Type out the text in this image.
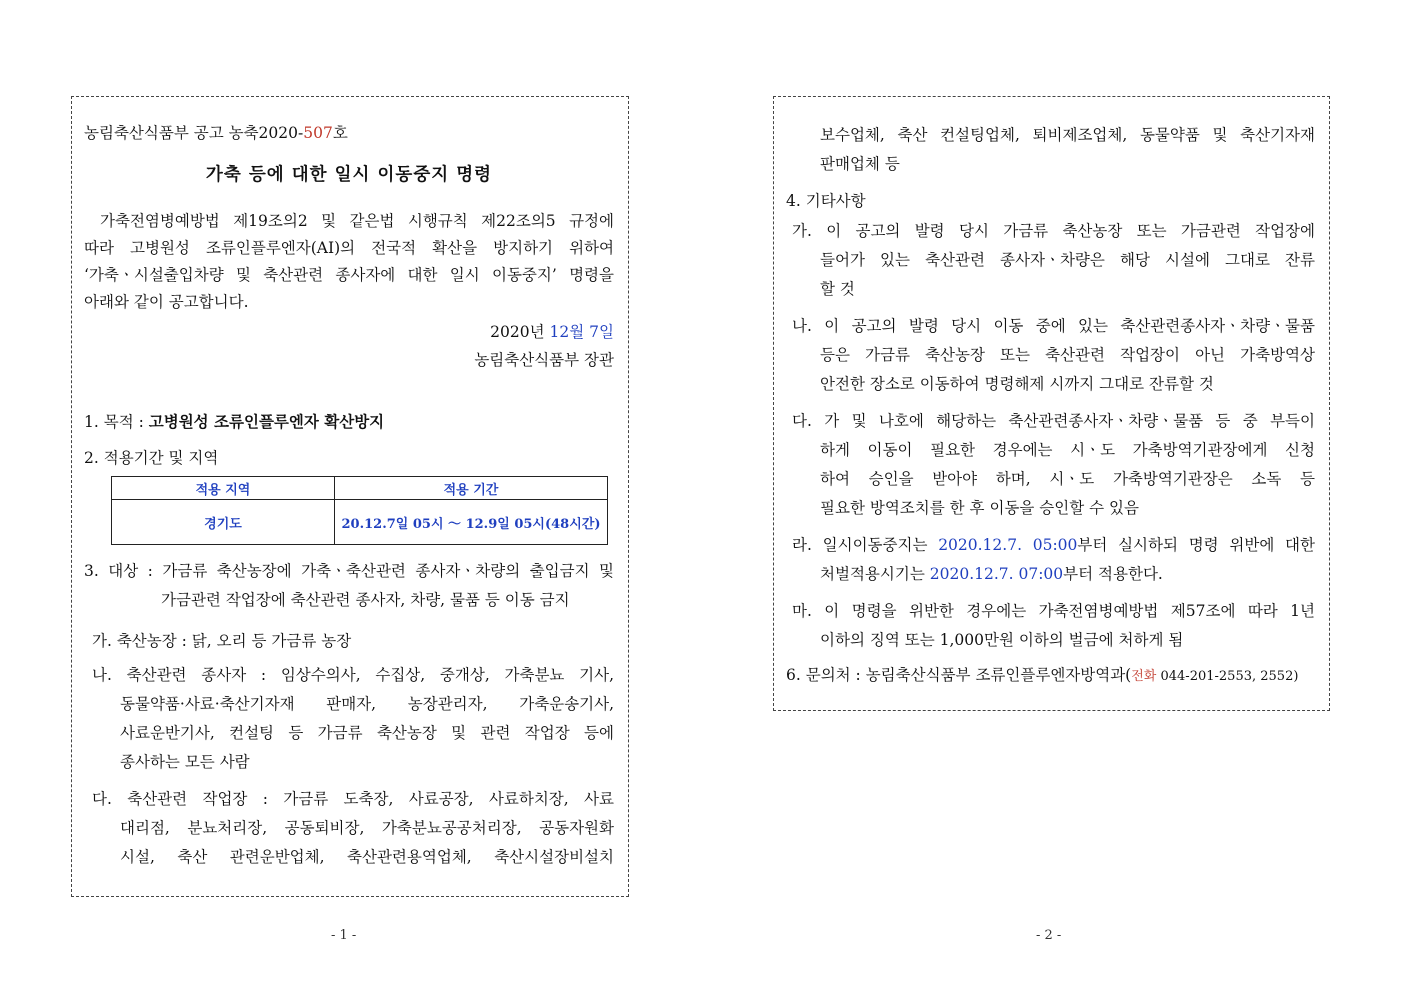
농림축산식품부 공고 농축2020-507호
가축 등에 대한 일시 이동중지 명령
가축전염병예방법 제19조의2 및 같은법 시행규칙 제22조의5 규정에
따라 고병원성 조류인플루엔자(AI)의 전국적 확산을 방지하기 위하여
‘가축ㆍ시설출입차량 및 축산관련 종사자에 대한 일시 이동중지’ 명령을
아래와 같이 공고합니다.
2020년 12월 7일
농림축산식품부 장관
1. 목적 : 고병원성 조류인플루엔자 확산방지
2. 적용기간 및 지역
적용 지역	적용 기간
경기도	20.12.7일 05시 ～ 12.9일 05시(48시간)
3. 대상 : 가금류 축산농장에 가축ㆍ축산관련 종사자ㆍ차량의 출입금지 및
가금관련 작업장에 축산관련 종사자, 차량, 물품 등 이동 금지
가. 축산농장 : 닭, 오리 등 가금류 농장
나. 축산관련 종사자 : 임상수의사, 수집상, 중개상, 가축분뇨 기사,
동물약품·사료·축산기자재 판매자, 농장관리자, 가축운송기사,
사료운반기사, 컨설팅 등 가금류 축산농장 및 관련 작업장 등에
종사하는 모든 사람
다. 축산관련 작업장 : 가금류 도축장, 사료공장, 사료하치장, 사료
대리점, 분뇨처리장, 공동퇴비장, 가축분뇨공공처리장, 공동자원화
시설, 축산 관련운반업체, 축산관련용역업체, 축산시설장비설치
- 1 -
보수업체, 축산 컨설팅업체, 퇴비제조업체, 동물약품 및 축산기자재
판매업체 등
4. 기타사항
가. 이 공고의 발령 당시 가금류 축산농장 또는 가금관련 작업장에
들어가 있는 축산관련 종사자ㆍ차량은 해당 시설에 그대로 잔류
할 것
나. 이 공고의 발령 당시 이동 중에 있는 축산관련종사자ㆍ차량ㆍ물품
등은 가금류 축산농장 또는 축산관련 작업장이 아닌 가축방역상
안전한 장소로 이동하여 명령해제 시까지 그대로 잔류할 것
다. 가 및 나호에 해당하는 축산관련종사자ㆍ차량ㆍ물품 등 중 부득이
하게 이동이 필요한 경우에는 시ㆍ도 가축방역기관장에게 신청
하여 승인을 받아야 하며, 시ㆍ도 가축방역기관장은 소독 등
필요한 방역조치를 한 후 이동을 승인할 수 있음
라. 일시이동중지는 2020.12.7. 05:00부터 실시하되 명령 위반에 대한
처벌적용시기는 2020.12.7. 07:00부터 적용한다.
마. 이 명령을 위반한 경우에는 가축전염병예방법 제57조에 따라 1년
이하의 징역 또는 1,000만원 이하의 벌금에 처하게 됨
6. 문의처 : 농림축산식품부 조류인플루엔자방역과(전화 044-201-2553, 2552)
- 2 -
